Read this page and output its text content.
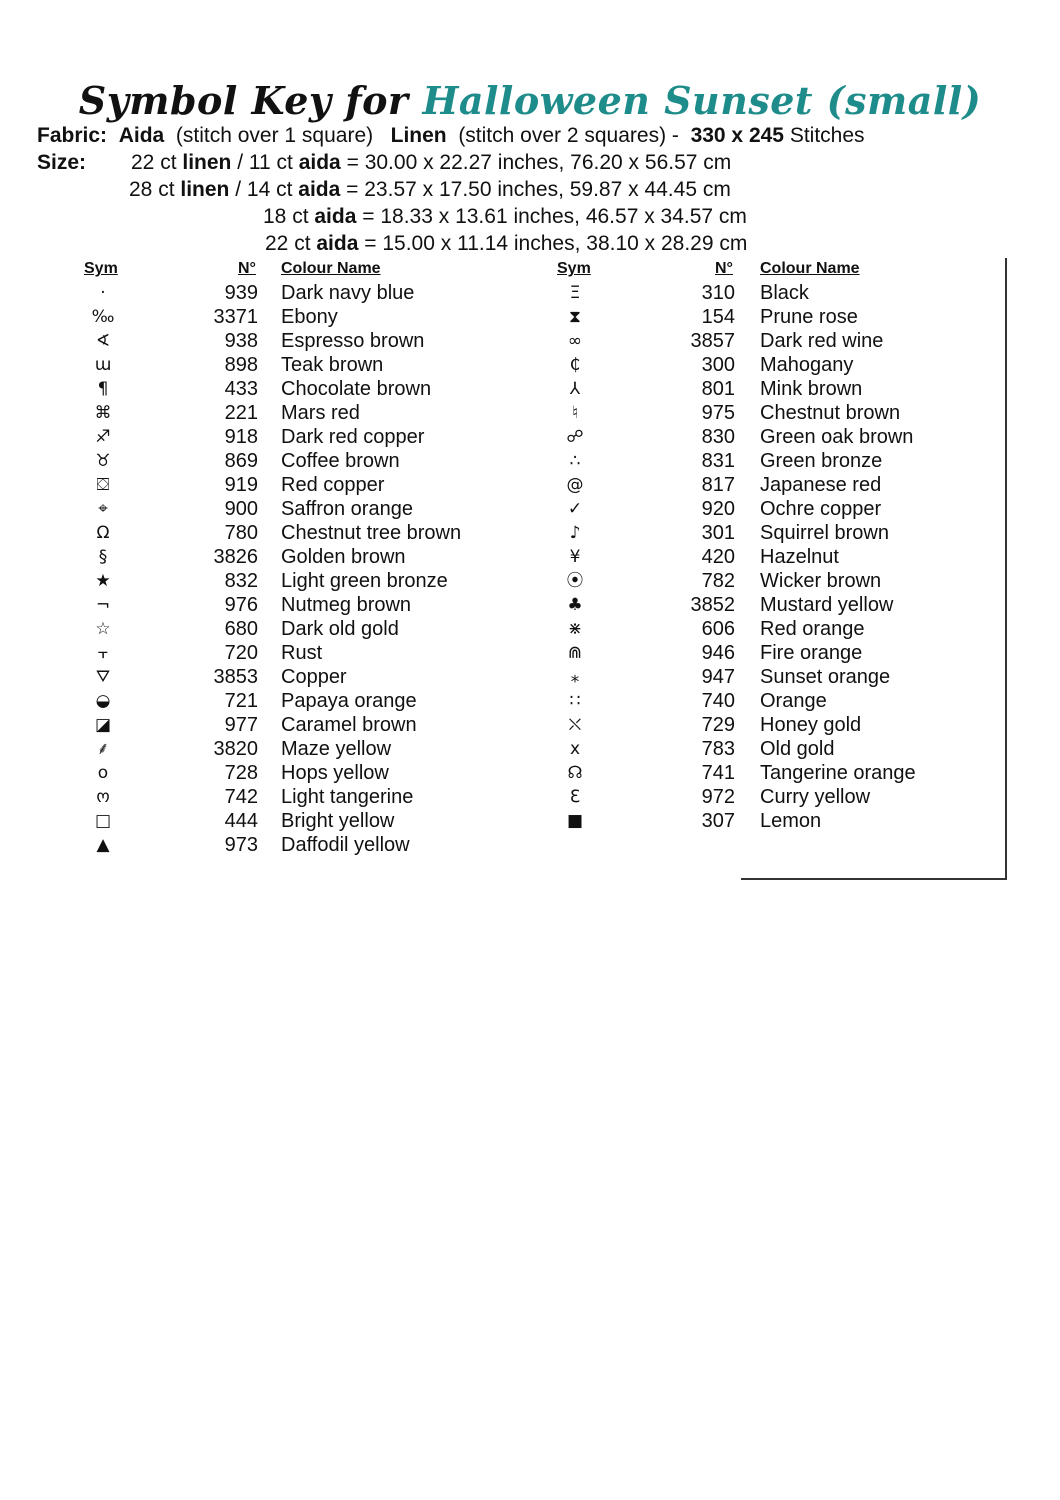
Symbol Key for Halloween Sunset (small)
Fabric: Aida (stitch over 1 square) Linen (stitch over 2 squares) - 330 x 245 Stitches
Size: 22 ct linen / 11 ct aida = 30.00 x 22.27 inches, 76.20 x 56.57 cm
28 ct linen / 14 ct aida = 23.57 x 17.50 inches, 59.87 x 44.45 cm
18 ct aida = 18.33 x 13.61 inches, 46.57 x 34.57 cm
22 ct aida = 15.00 x 11.14 inches, 38.10 x 28.29 cm
Sym	N° Colour Name	Sym	N° Colour Name
·	939 Dark navy blue
‰	3371 Ebony
∢	938 Espresso brown
ɯ	898 Teak brown
¶	433 Chocolate brown
⌘	221 Mars red
♐	918 Dark red copper
♉	869 Coffee brown
⛋	919 Red copper
⌖	900 Saffron orange
Ω	780 Chestnut tree brown
§	3826 Golden brown
★	832 Light green bronze
¬	976 Nutmeg brown
☆	680 Dark old gold
⫟	720 Rust
⛛	3853 Copper
◒	721 Papaya orange
◪	977 Caramel brown
⸙	3820 Maze yellow
o	728 Hops yellow
ო	742 Light tangerine
□	444 Bright yellow
▲	973 Daffodil yellow
Ξ	310 Black
⧗	154 Prune rose
∞	3857 Dark red wine
₵	300 Mahogany
⅄	801 Mink brown
♮	975 Chestnut brown
☍	830 Green oak brown
∴	831 Green bronze
@	817 Japanese red
✓	920 Ochre copper
♪	301 Squirrel brown
¥	420 Hazelnut
⦿	782 Wicker brown
♣	3852 Mustard yellow
⋇	606 Red orange
⋒	946 Fire orange
⁎	947 Sunset orange
∷	740 Orange
⛌	729 Honey gold
x	783 Old gold
☊	741 Tangerine orange
ℇ	972 Curry yellow
■	307 Lemon
